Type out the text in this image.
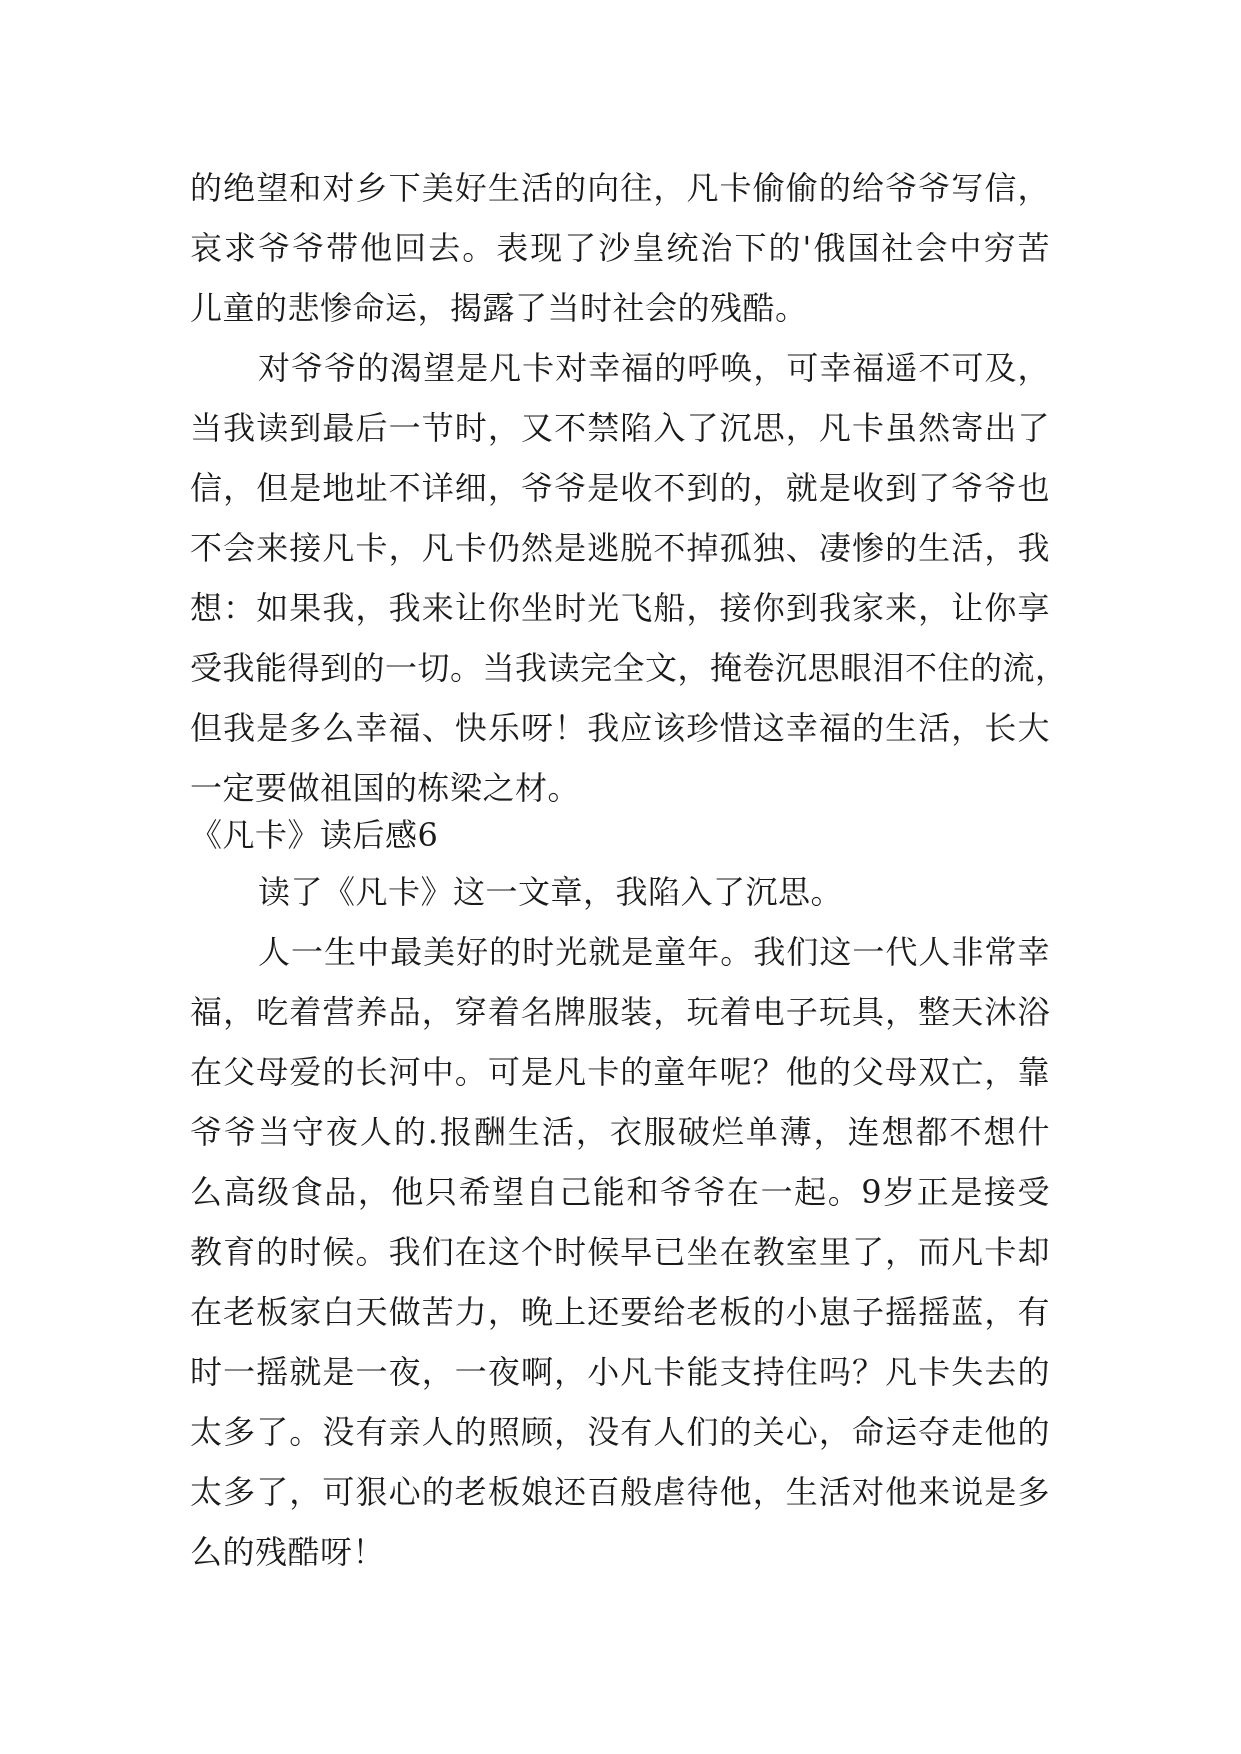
的绝望和对乡下美好生活的向往，凡卡偷偷的给爷爷写信，
哀求爷爷带他回去。表现了沙皇统治下的'俄国社会中穷苦
儿童的悲惨命运，揭露了当时社会的残酷。
对爷爷的渴望是凡卡对幸福的呼唤，可幸福遥不可及，
当我读到最后一节时，又不禁陷入了沉思，凡卡虽然寄出了
信，但是地址不详细，爷爷是收不到的，就是收到了爷爷也
不会来接凡卡，凡卡仍然是逃脱不掉孤独、凄惨的生活，我
想：如果我，我来让你坐时光飞船，接你到我家来，让你享
受我能得到的一切。当我读完全文，掩卷沉思眼泪不住的流，
但我是多么幸福、快乐呀！我应该珍惜这幸福的生活，长大
一定要做祖国的栋梁之材。
《凡卡》读后感6
读了《凡卡》这一文章，我陷入了沉思。
人一生中最美好的时光就是童年。我们这一代人非常幸
福，吃着营养品，穿着名牌服装，玩着电子玩具，整天沐浴
在父母爱的长河中。可是凡卡的童年呢？他的父母双亡，靠
爷爷当守夜人的.报酬生活，衣服破烂单薄，连想都不想什
么高级食品，他只希望自己能和爷爷在一起。9岁正是接受
教育的时候。我们在这个时候早已坐在教室里了，而凡卡却
在老板家白天做苦力，晚上还要给老板的小崽子摇摇蓝，有
时一摇就是一夜，一夜啊，小凡卡能支持住吗？凡卡失去的
太多了。没有亲人的照顾，没有人们的关心，命运夺走他的
太多了，可狠心的老板娘还百般虐待他，生活对他来说是多
么的残酷呀！
